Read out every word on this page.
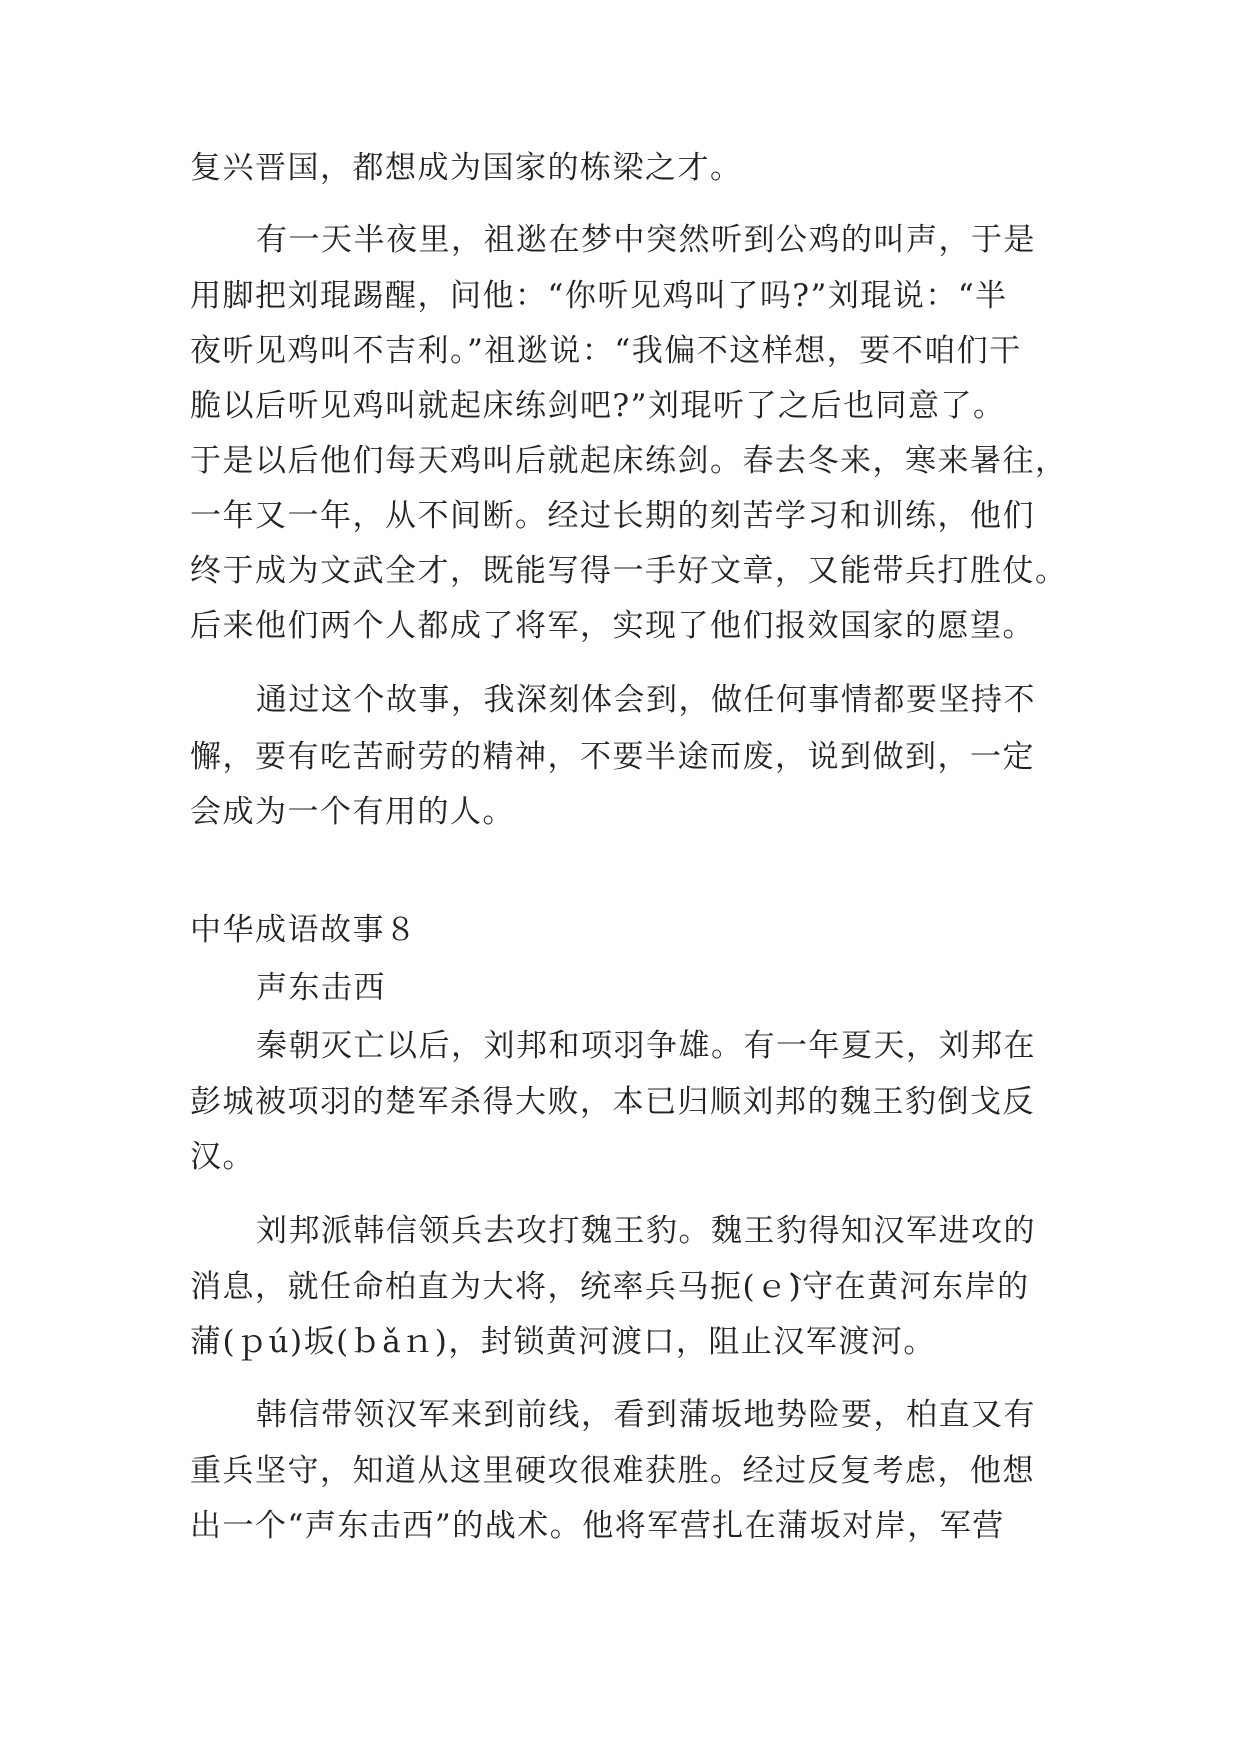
复兴晋国，都想成为国家的栋梁之才。
有一天半夜里，祖逖在梦中突然听到公鸡的叫声，于是
用脚把刘琨踢醒，问他：“你听见鸡叫了吗?”刘琨说：“半
夜听见鸡叫不吉利。”祖逖说：“我偏不这样想，要不咱们干
脆以后听见鸡叫就起床练剑吧?”刘琨听了之后也同意了。
于是以后他们每天鸡叫后就起床练剑。春去冬来，寒来暑往，
一年又一年，从不间断。经过长期的刻苦学习和训练，他们
终于成为文武全才，既能写得一手好文章，又能带兵打胜仗。
后来他们两个人都成了将军，实现了他们报效国家的愿望。
通过这个故事，我深刻体会到，做任何事情都要坚持不
懈，要有吃苦耐劳的精神，不要半途而废，说到做到，一定
会成为一个有用的人。
中华成语故事８
声东击西
秦朝灭亡以后，刘邦和项羽争雄。有一年夏天，刘邦在
彭城被项羽的楚军杀得大败，本已归顺刘邦的魏王豹倒戈反
汉。
刘邦派韩信领兵去攻打魏王豹。魏王豹得知汉军进攻的
消息，就任命柏直为大将，统率兵马扼(ｅ̀)守在黄河东岸的
蒲(ｐú)坂(ｂǎｎ)，封锁黄河渡口，阻止汉军渡河。
韩信带领汉军来到前线，看到蒲坂地势险要，柏直又有
重兵坚守，知道从这里硬攻很难获胜。经过反复考虑，他想
出一个“声东击西”的战术。他将军营扎在蒲坂对岸，军营
